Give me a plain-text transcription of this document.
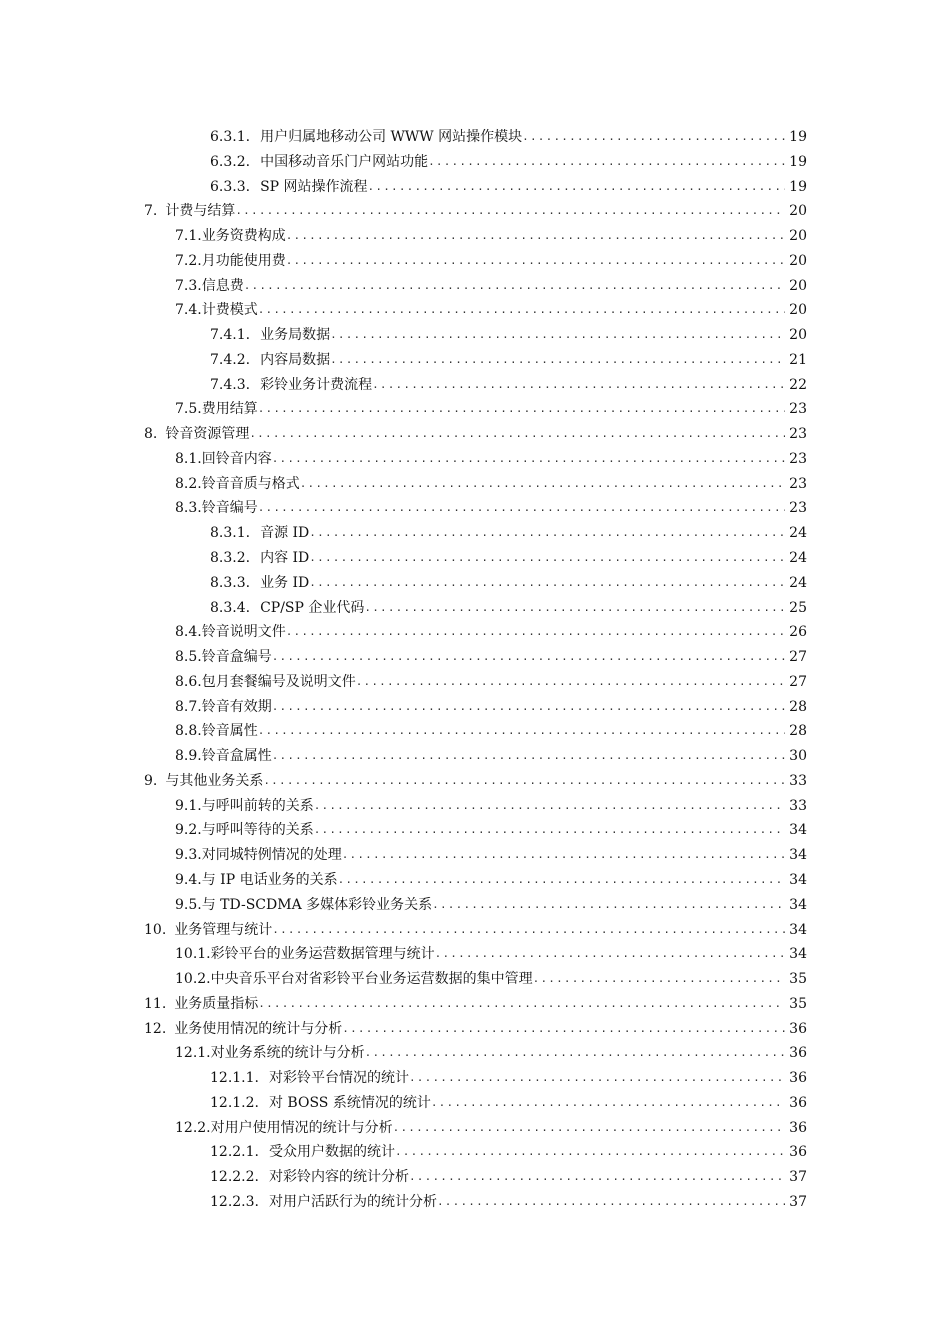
6.3.1. 用户归属地移动公司 WWW 网站操作模块 .....	19
6.3.2. 中国移动音乐门户网站功能 .....	19
6.3.3. SP 网站操作流程 .....	19
7. 计费与结算 .....	20
7.1.业务资费构成 .....	20
7.2.月功能使用费 .....	20
7.3.信息费 .....	20
7.4.计费模式 .....	20
7.4.1. 业务局数据 .....	20
7.4.2. 内容局数据 .....	21
7.4.3. 彩铃业务计费流程 .....	22
7.5.费用结算 .....	23
8. 铃音资源管理 .....	23
8.1.回铃音内容 .....	23
8.2.铃音音质与格式 .....	23
8.3.铃音编号 .....	23
8.3.1. 音源 ID .....	24
8.3.2. 内容 ID .....	24
8.3.3. 业务 ID .....	24
8.3.4. CP/SP 企业代码 .....	25
8.4.铃音说明文件 .....	26
8.5.铃音盒编号 .....	27
8.6.包月套餐编号及说明文件 .....	27
8.7.铃音有效期 .....	28
8.8.铃音属性 .....	28
8.9.铃音盒属性 .....	30
9. 与其他业务关系 .....	33
9.1.与呼叫前转的关系 .....	33
9.2.与呼叫等待的关系 .....	34
9.3.对同城特例情况的处理 .....	34
9.4.与 IP 电话业务的关系 .....	34
9.5.与 TD-SCDMA 多媒体彩铃业务关系 .....	34
10. 业务管理与统计 .....	34
10.1.彩铃平台的业务运营数据管理与统计 .....	34
10.2.中央音乐平台对省彩铃平台业务运营数据的集中管理 .....	35
11. 业务质量指标 .....	35
12. 业务使用情况的统计与分析 .....	36
12.1.对业务系统的统计与分析 .....	36
12.1.1. 对彩铃平台情况的统计 .....	36
12.1.2. 对 BOSS 系统情况的统计 .....	36
12.2.对用户使用情况的统计与分析 .....	36
12.2.1. 受众用户数据的统计 .....	36
12.2.2. 对彩铃内容的统计分析 .....	37
12.2.3. 对用户活跃行为的统计分析 .....	37
